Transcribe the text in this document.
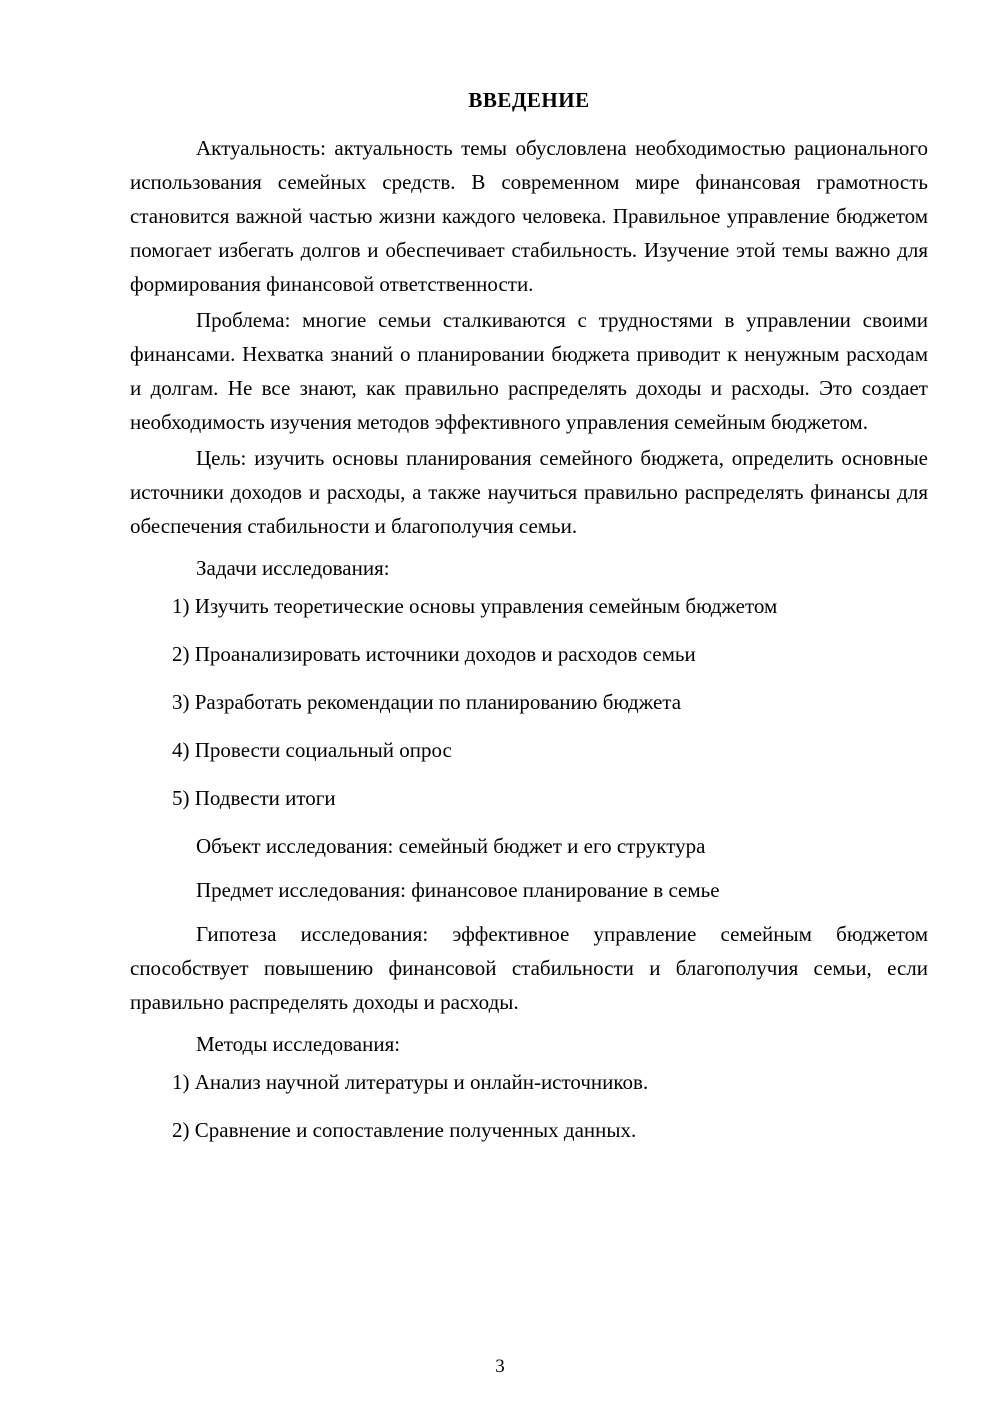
ВВЕДЕНИЕ

Актуальность: актуальность темы обусловлена необходимостью рационального использования семейных средств. В современном мире финансовая грамотность становится важной частью жизни каждого человека. Правильное управление бюджетом помогает избегать долгов и обеспечивает стабильность. Изучение этой темы важно для формирования финансовой ответственности.

Проблема: многие семьи сталкиваются с трудностями в управлении своими финансами. Нехватка знаний о планировании бюджета приводит к ненужным расходам и долгам. Не все знают, как правильно распределять доходы и расходы. Это создает необходимость изучения методов эффективного управления семейным бюджетом.

Цель: изучить основы планирования семейного бюджета, определить основные источники доходов и расходы, а также научиться правильно распределять финансы для обеспечения стабильности и благополучия семьи.

Задачи исследования:
1) Изучить теоретические основы управления семейным бюджетом
2) Проанализировать источники доходов и расходов семьи
3) Разработать рекомендации по планированию бюджета
4) Провести социальный опрос
5) Подвести итоги
Объект исследования: семейный бюджет и его структура
Предмет исследования: финансовое планирование в семье

Гипотеза исследования: эффективное управление семейным бюджетом способствует повышению финансовой стабильности и благополучия семьи, если правильно распределять доходы и расходы.

Методы исследования:
1) Анализ научной литературы и онлайн-источников.
2) Сравнение и сопоставление полученных данных.
3
